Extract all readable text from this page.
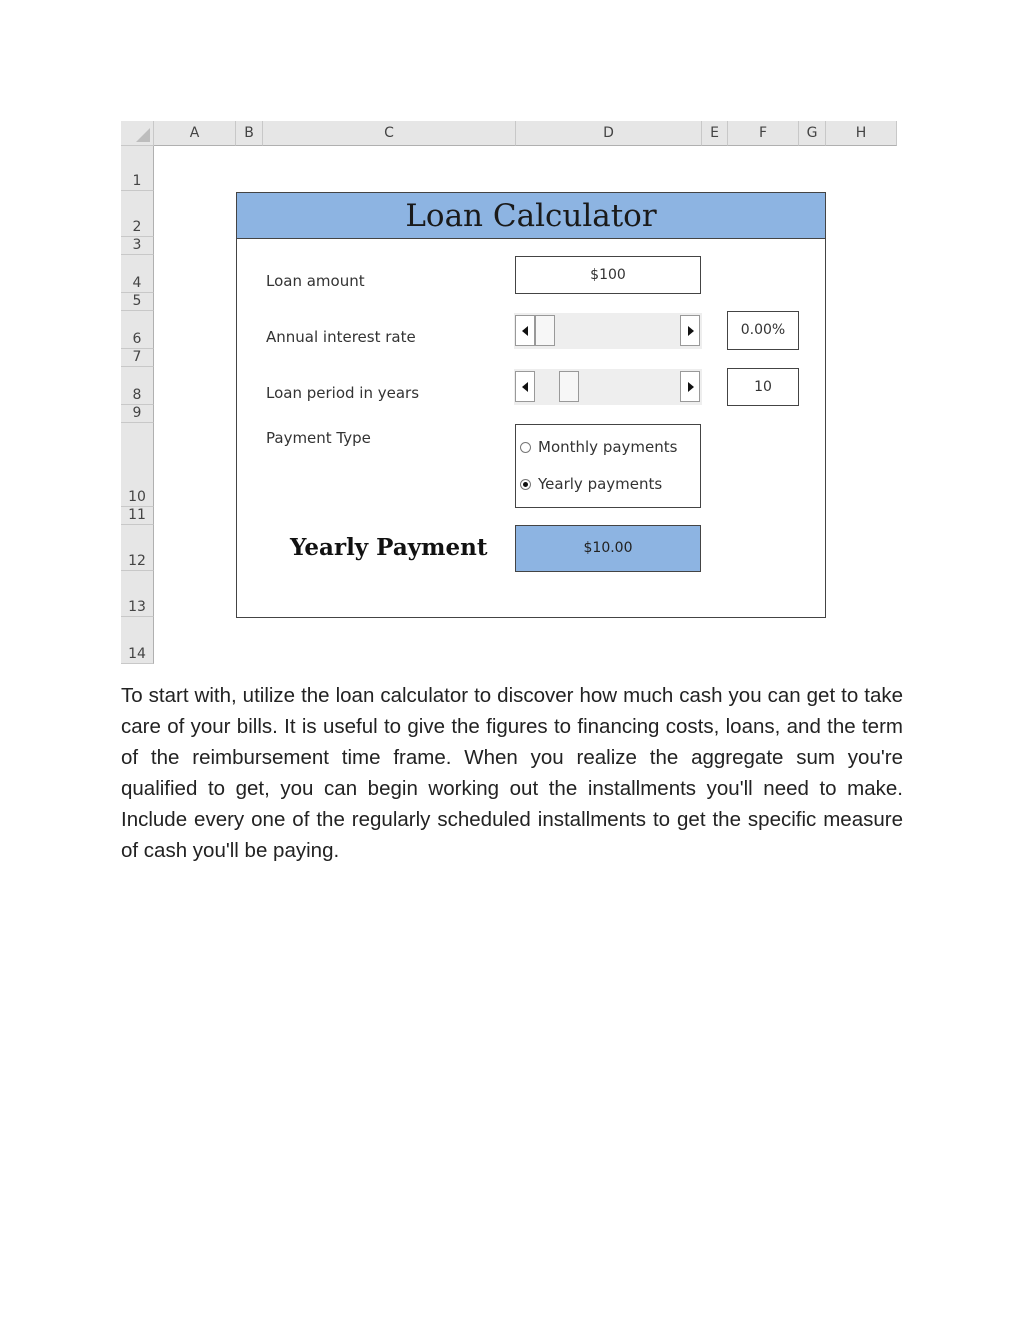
A	B	C	D	E	F	G	H
1
2
3
4
5
6
7
8
9
10
11
12
13
14
Loan Calculator
Loan amount	$100
Annual interest rate	0.00%
Loan period in years	10
Payment Type	Monthly payments
Yearly payments
Yearly Payment	$10.00

To start with, utilize the loan calculator to discover how much cash you can get to take care of your bills. It is useful to give the figures to financing costs, loans, and the term of the reimbursement time frame. When you realize the aggregate sum you're qualified to get, you can begin working out the installments you'll need to make. Include every one of the regularly scheduled installments to get the specific measure of cash you'll be paying.
